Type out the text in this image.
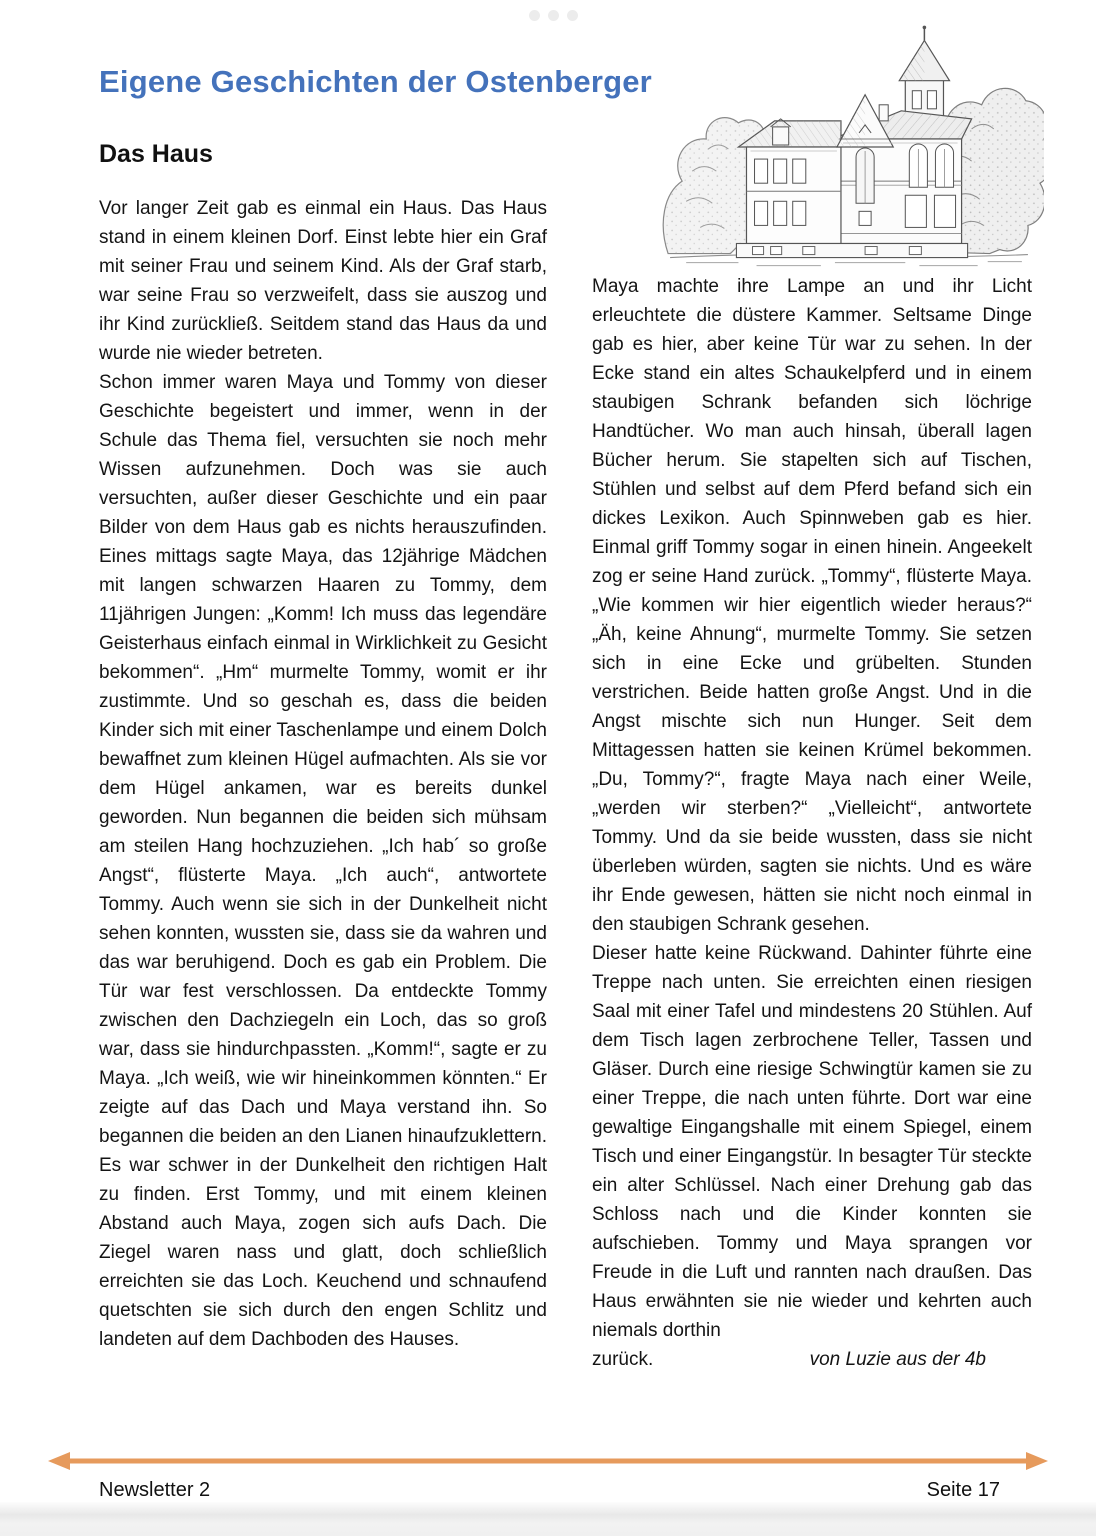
Eigene Geschichten der Ostenberger
Das Haus

Vor langer Zeit gab es einmal ein Haus. Das Haus stand in einem kleinen Dorf. Einst lebte hier ein Graf mit seiner Frau und seinem Kind. Als der Graf starb, war seine Frau so verzweifelt, dass sie auszog und ihr Kind zurückließ. Seitdem stand das Haus da und wurde nie wieder betreten.

Schon immer waren Maya und Tommy von dieser Geschichte begeistert und immer, wenn in der Schule das Thema fiel, versuchten sie noch mehr Wissen aufzunehmen. Doch was sie auch versuchten, außer dieser Geschichte und ein paar Bilder von dem Haus gab es nichts herauszufinden. Eines mittags sagte Maya, das 12jährige Mädchen mit langen schwarzen Haaren zu Tommy, dem 11jährigen Jungen: „Komm! Ich muss das legendäre Geisterhaus einfach einmal in Wirklichkeit zu Gesicht bekommen“. „Hm“ murmelte Tommy, womit er ihr zustimmte. Und so geschah es, dass die beiden Kinder sich mit einer Taschenlampe und einem Dolch bewaffnet zum kleinen Hügel aufmachten. Als sie vor dem Hügel ankamen, war es bereits dunkel geworden. Nun begannen die beiden sich mühsam am steilen Hang hochzuziehen. „Ich hab´ so große Angst“, flüsterte Maya. „Ich auch“, antwortete Tommy. Auch wenn sie sich in der Dunkelheit nicht sehen konnten, wussten sie, dass sie da wahren und das war beruhigend. Doch es gab ein Problem. Die Tür war fest verschlossen. Da entdeckte Tommy zwischen den Dachziegeln ein Loch, das so groß war, dass sie hindurchpassten. „Komm!“, sagte er zu Maya. „Ich weiß, wie wir hineinkommen könnten.“ Er zeigte auf das Dach und Maya verstand ihn. So begannen die beiden an den Lianen hinaufzuklettern. Es war schwer in der Dunkelheit den richtigen Halt zu finden. Erst Tommy, und mit einem kleinen Abstand auch Maya, zogen sich aufs Dach. Die Ziegel waren nass und glatt, doch schließlich erreichten sie das Loch. Keuchend und schnaufend quetschten sie sich durch den engen Schlitz und landeten auf dem Dachboden des Hauses.

Maya machte ihre Lampe an und ihr Licht erleuchtete die düstere Kammer. Seltsame Dinge gab es hier, aber keine Tür war zu sehen. In der Ecke stand ein altes Schaukelpferd und in einem staubigen Schrank befanden sich löchrige Handtücher. Wo man auch hinsah, überall lagen Bücher herum. Sie stapelten sich auf Tischen, Stühlen und selbst auf dem Pferd befand sich ein dickes Lexikon. Auch Spinnweben gab es hier. Einmal griff Tommy sogar in einen hinein. Angeekelt zog er seine Hand zurück. „Tommy“, flüsterte Maya. „Wie kommen wir hier eigentlich wieder heraus?“ „Äh, keine Ahnung“, murmelte Tommy. Sie setzen sich in eine Ecke und grübelten. Stunden verstrichen. Beide hatten große Angst. Und in die Angst mischte sich nun Hunger. Seit dem Mittagessen hatten sie keinen Krümel bekommen. „Du, Tommy?“, fragte Maya nach einer Weile, „werden wir sterben?“ „Vielleicht“, antwortete Tommy. Und da sie beide wussten, dass sie nicht überleben würden, sagten sie nichts. Und es wäre ihr Ende gewesen, hätten sie nicht noch einmal in den staubigen Schrank gesehen.

Dieser hatte keine Rückwand. Dahinter führte eine Treppe nach unten. Sie erreichten einen riesigen Saal mit einer Tafel und mindestens 20 Stühlen. Auf dem Tisch lagen zerbrochene Teller, Tassen und Gläser. Durch eine riesige Schwingtür kamen sie zu einer Treppe, die nach unten führte. Dort war eine gewaltige Eingangshalle mit einem Spiegel, einem Tisch und einer Eingangstür. In besagter Tür steckte ein alter Schlüssel. Nach einer Drehung gab das Schloss nach und die Kinder konnten sie aufschieben. Tommy und Maya sprangen vor Freude in die Luft und rannten nach draußen. Das Haus erwähnten sie nie wieder und kehrten auch niemals dorthin

zurück.	von Luzie aus der 4b
Newsletter 2	Seite 17
